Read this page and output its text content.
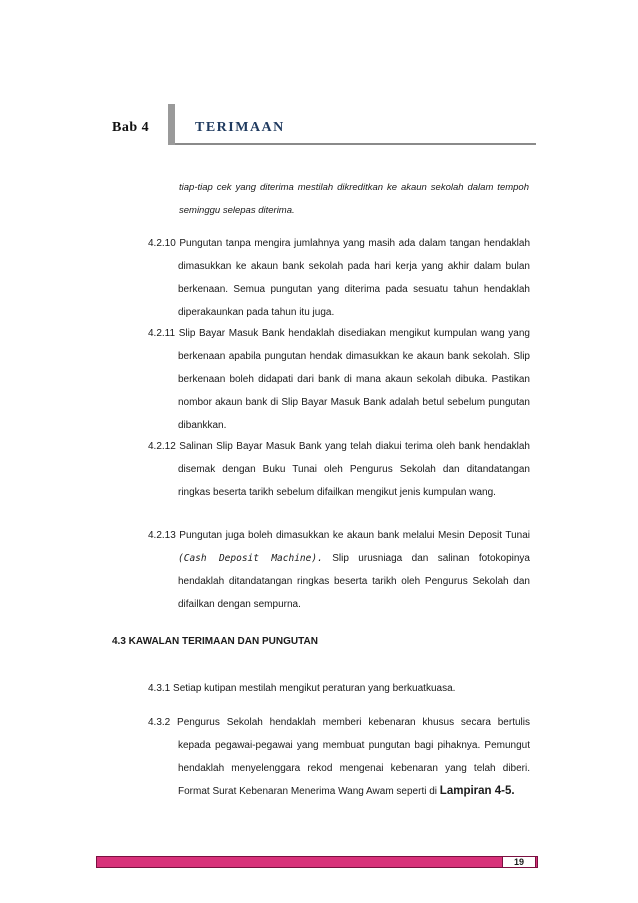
Bab 4	TERIMAAN
tiap-tiap cek yang diterima mestilah dikreditkan ke akaun sekolah dalam tempoh seminggu selepas diterima.
4.2.10 Pungutan tanpa mengira jumlahnya yang masih ada dalam tangan hendaklah dimasukkan ke akaun bank sekolah pada hari kerja yang akhir dalam bulan berkenaan. Semua pungutan yang diterima pada sesuatu tahun hendaklah diperakaunkan pada tahun itu juga.
4.2.11 Slip Bayar Masuk Bank hendaklah disediakan mengikut kumpulan wang yang berkenaan apabila pungutan hendak dimasukkan ke akaun bank sekolah. Slip berkenaan boleh didapati dari bank di mana akaun sekolah dibuka. Pastikan nombor akaun bank di Slip Bayar Masuk Bank adalah betul sebelum pungutan dibankkan.
4.2.12 Salinan Slip Bayar Masuk Bank yang telah diakui terima oleh bank hendaklah disemak dengan Buku Tunai oleh Pengurus Sekolah dan ditandatangan ringkas beserta tarikh sebelum difailkan mengikut jenis kumpulan wang.
4.2.13 Pungutan juga boleh dimasukkan ke akaun bank melalui Mesin Deposit Tunai (Cash Deposit Machine). Slip urusniaga dan salinan fotokopinya hendaklah ditandatangan ringkas beserta tarikh oleh Pengurus Sekolah dan difailkan dengan sempurna.
4.3 KAWALAN TERIMAAN DAN PUNGUTAN
4.3.1 Setiap kutipan mestilah mengikut peraturan yang berkuatkuasa.
4.3.2 Pengurus Sekolah hendaklah memberi kebenaran khusus secara bertulis kepada pegawai-pegawai yang membuat pungutan bagi pihaknya. Pemungut hendaklah menyelenggara rekod mengenai kebenaran yang telah diberi. Format Surat Kebenaran Menerima Wang Awam seperti di Lampiran 4-5.
19
